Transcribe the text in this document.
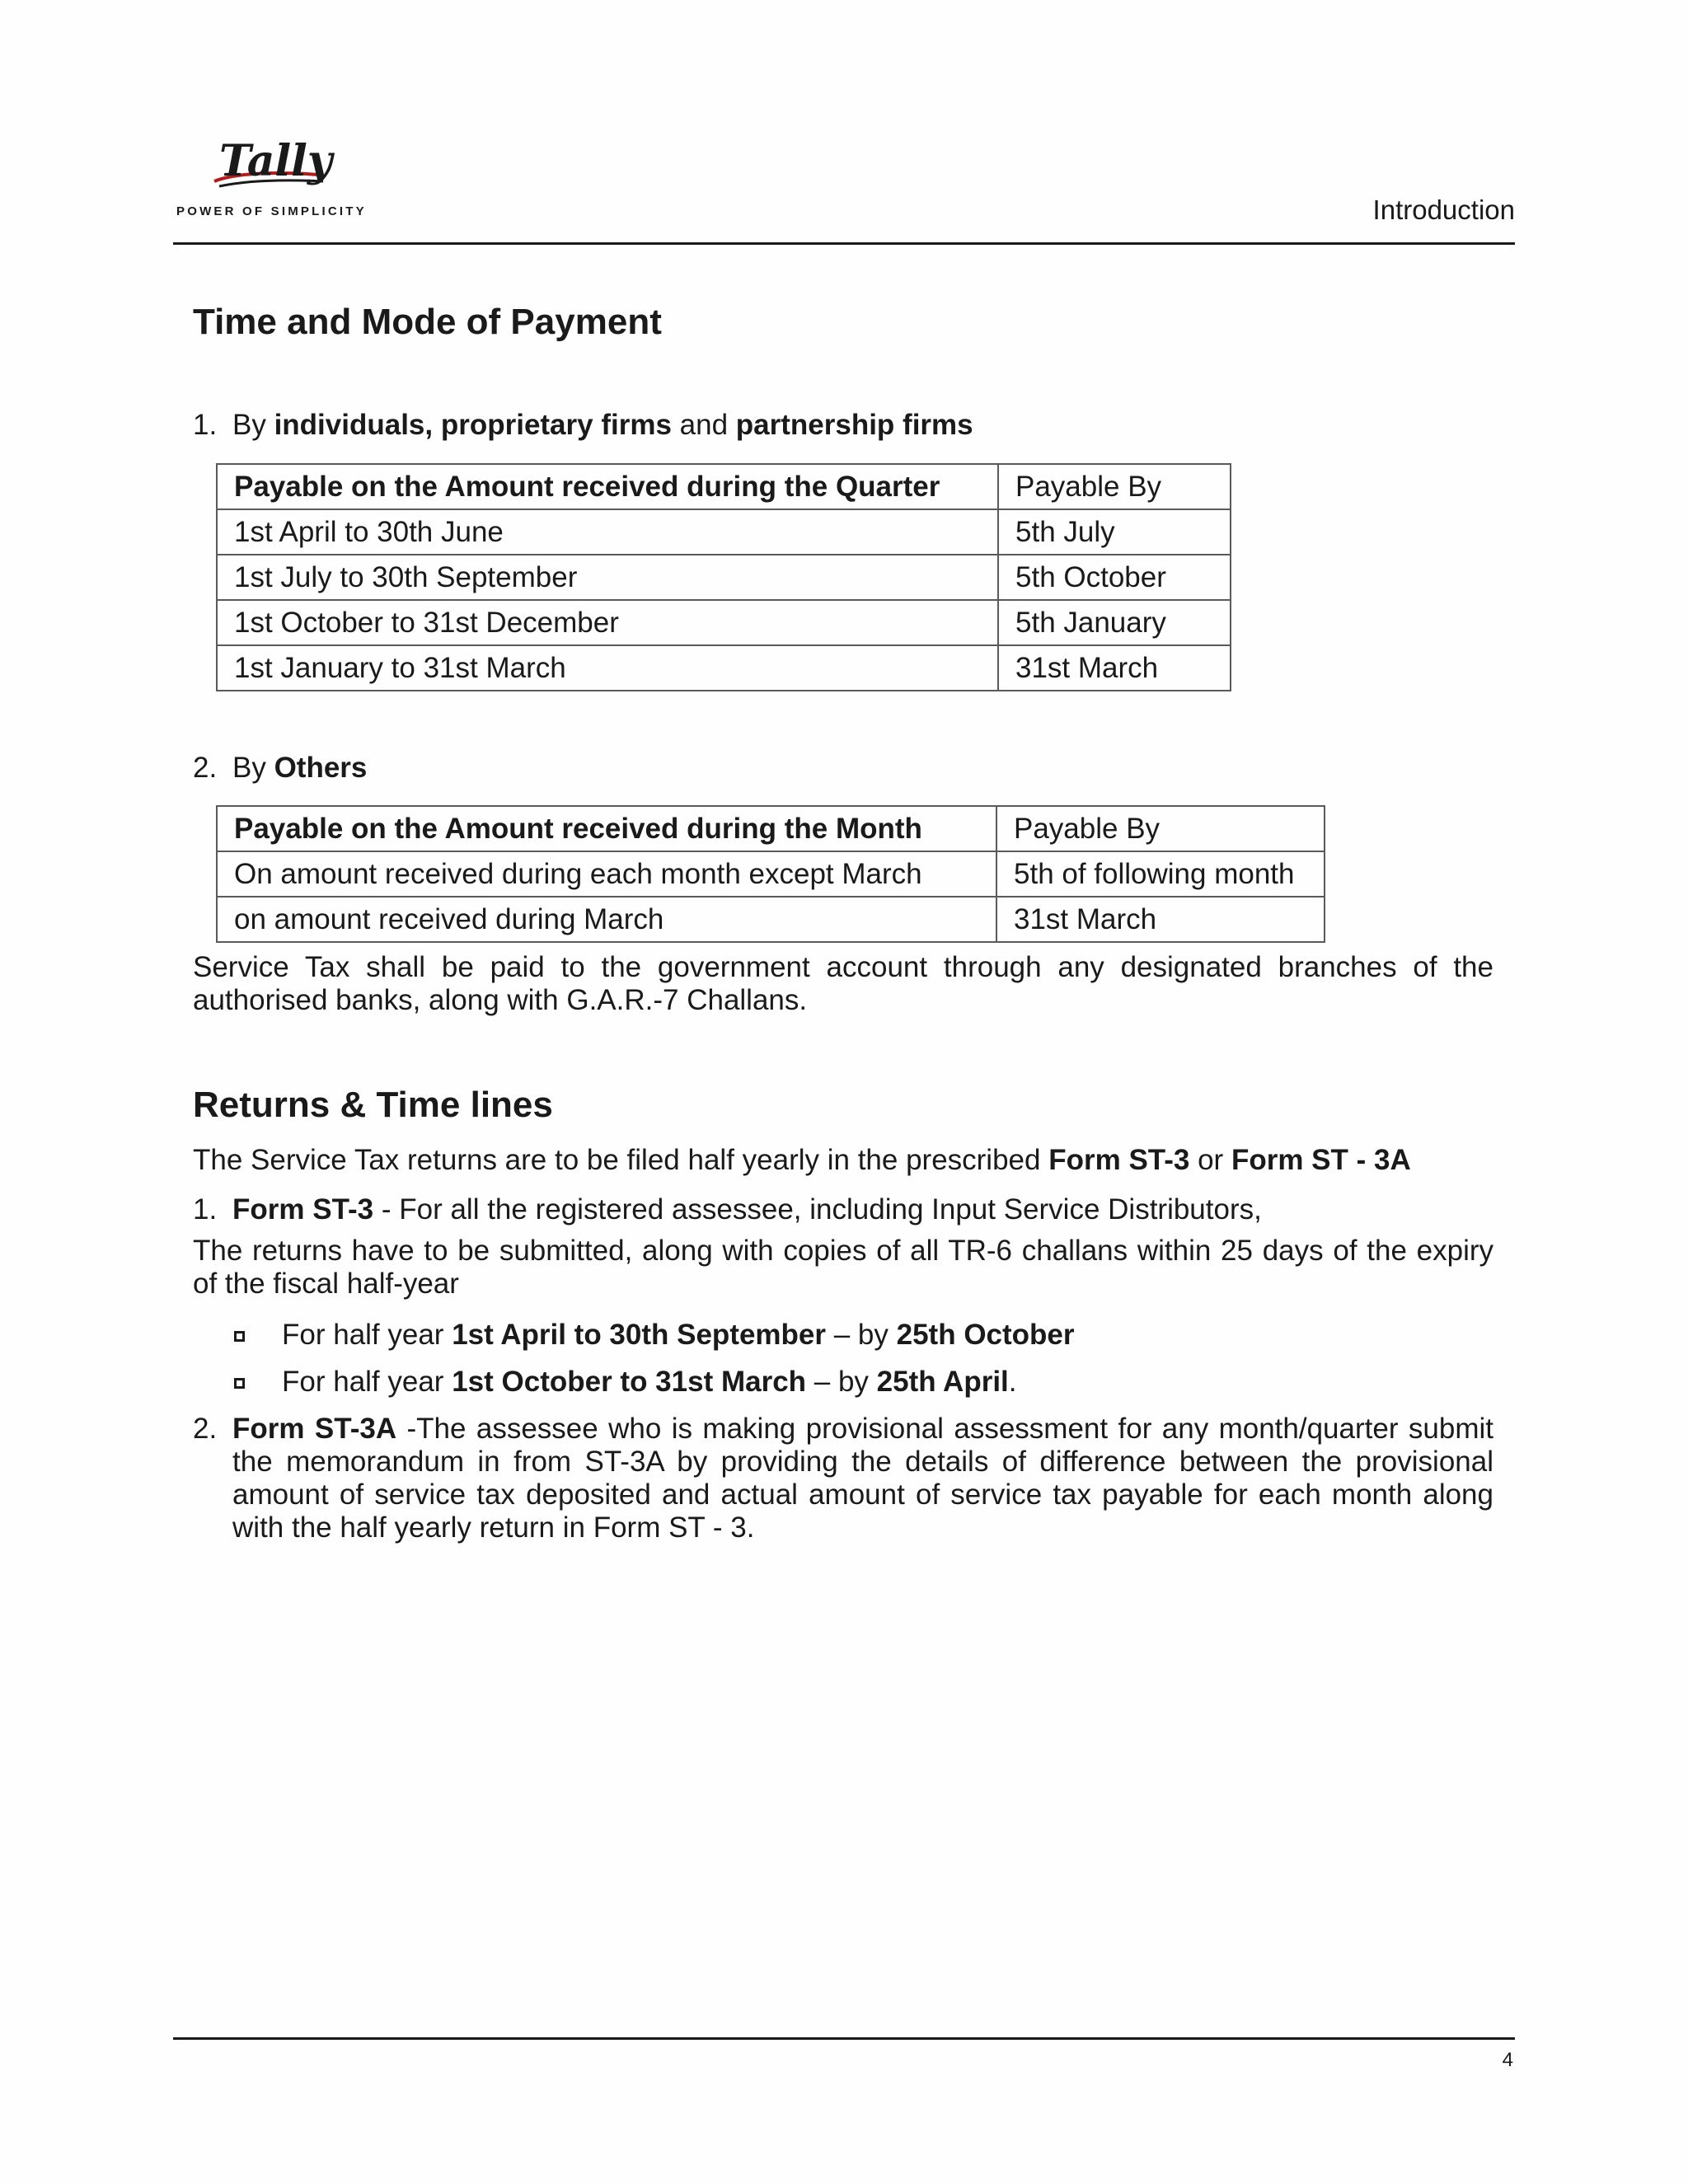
Tally
POWER OF SIMPLICITY	Introduction
Time and Mode of Payment
1. By individuals, proprietary firms and partnership firms
Payable on the Amount received during the Quarter	Payable By
1st April to 30th June	5th July
1st July to 30th September	5th October
1st October to 31st December	5th January
1st January to 31st March	31st March
2. By Others
Payable on the Amount received during the Month	Payable By
On amount received during each month except March	5th of following month
on amount received during March	31st March
Service Tax shall be paid to the government account through any designated branches of the authorised banks, along with G.A.R.-7 Challans.
Returns & Time lines
The Service Tax returns are to be filed half yearly in the prescribed Form ST-3 or Form ST - 3A
1. Form ST-3 - For all the registered assessee, including Input Service Distributors,
The returns have to be submitted, along with copies of all TR-6 challans within 25 days of the expiry of the fiscal half-year
For half year 1st April to 30th September – by 25th October
For half year 1st October to 31st March – by 25th April.
2. Form ST-3A -The assessee who is making provisional assessment for any month/quarter submit the memorandum in from ST-3A by providing the details of difference between the provisional amount of service tax deposited and actual amount of service tax payable for each month along with the half yearly return in Form ST - 3.
4
